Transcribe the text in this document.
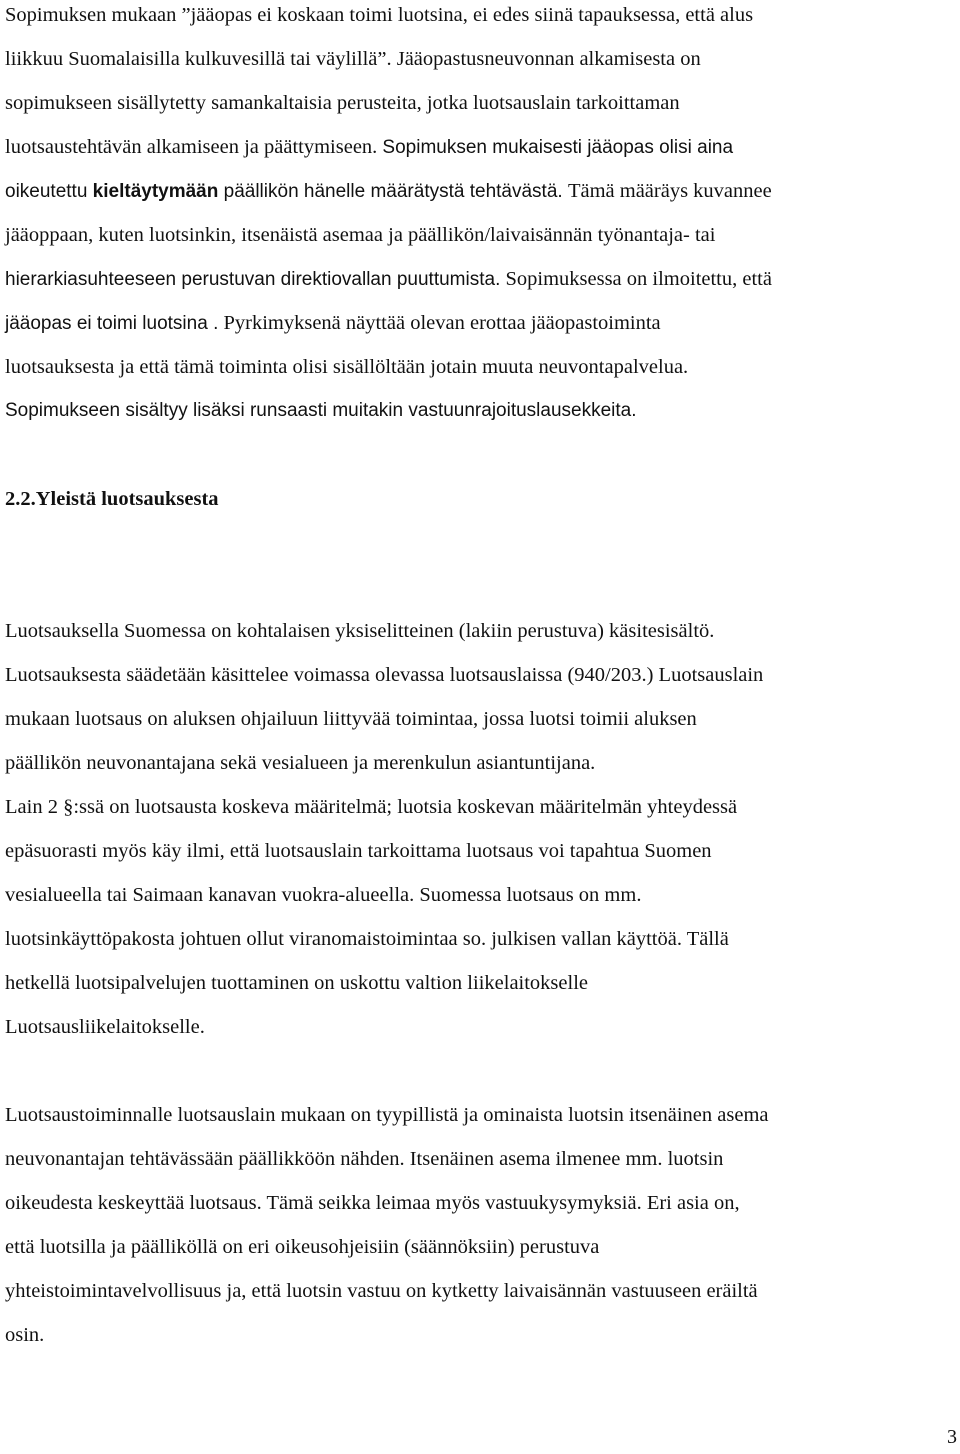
Sopimuksen mukaan ”jääopas ei koskaan toimi luotsina, ei edes siinä tapauksessa, että alus
liikkuu Suomalaisilla kulkuvesillä tai väylillä”. Jääopastusneuvonnan alkamisesta on
sopimukseen sisällytetty samankaltaisia perusteita, jotka luotsauslain tarkoittaman
luotsaustehtävän alkamiseen ja päättymiseen. Sopimuksen mukaisesti jääopas olisi aina
oikeutettu kieltäytymään päällikön hänelle määrätystä tehtävästä. Tämä määräys kuvannee
jääoppaan, kuten luotsinkin, itsenäistä asemaa ja päällikön/laivaisännän työnantaja- tai
hierarkiasuhteeseen perustuvan direktiovallan puuttumista. Sopimuksessa on ilmoitettu, että
jääopas ei toimi luotsina . Pyrkimyksenä näyttää olevan erottaa jääopastoiminta
luotsauksesta ja että tämä toiminta olisi sisällöltään jotain muuta neuvontapalvelua.
Sopimukseen sisältyy lisäksi runsaasti muitakin vastuunrajoituslausekkeita.
2.2.Yleistä luotsauksesta
Luotsauksella Suomessa on kohtalaisen yksiselitteinen (lakiin perustuva) käsitesisältö.
Luotsauksesta säädetään käsittelee voimassa olevassa luotsauslaissa (940/203.) Luotsauslain
mukaan luotsaus on aluksen ohjailuun liittyvää toimintaa, jossa luotsi toimii aluksen
päällikön neuvonantajana sekä vesialueen ja merenkulun asiantuntijana.
Lain 2 §:ssä on luotsausta koskeva määritelmä; luotsia koskevan määritelmän yhteydessä
epäsuorasti myös käy ilmi, että luotsauslain tarkoittama luotsaus voi tapahtua Suomen
vesialueella tai Saimaan kanavan vuokra-alueella. Suomessa luotsaus on mm.
luotsinkäyttöpakosta johtuen ollut viranomaistoimintaa so. julkisen vallan käyttöä. Tällä
hetkellä luotsipalvelujen tuottaminen on uskottu valtion liikelaitokselle
Luotsausliikelaitokselle.
Luotsaustoiminnalle luotsauslain mukaan on tyypillistä ja ominaista luotsin itsenäinen asema
neuvonantajan tehtävässään päällikköön nähden. Itsenäinen asema ilmenee mm. luotsin
oikeudesta keskeyttää luotsaus. Tämä seikka leimaa myös vastuukysymyksiä. Eri asia on,
että luotsilla ja päälliköllä on eri oikeusohjeisiin (säännöksiin) perustuva
yhteistoimintavelvollisuus ja, että luotsin vastuu on kytketty laivaisännän vastuuseen eräiltä
osin.
3
